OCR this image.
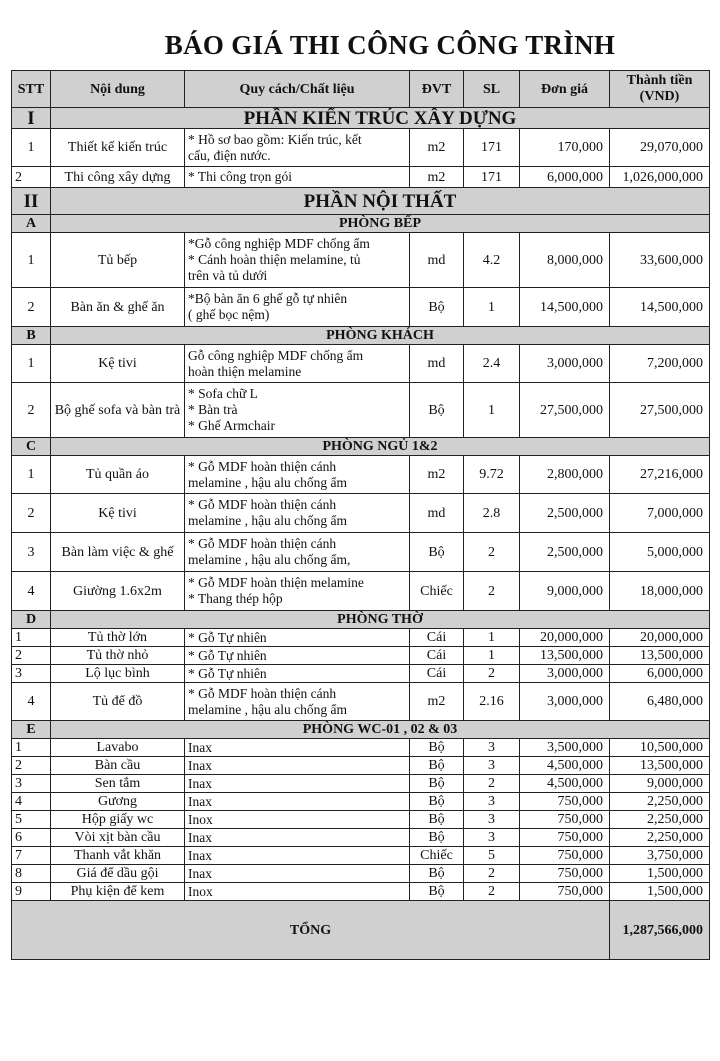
BÁO GIÁ THI CÔNG CÔNG TRÌNH
STT	Nội dung	Quy cách/Chất liệu	ĐVT	SL	Đơn giá	Thành tiền
(VND)
I	PHẦN KIẾN TRÚC XÂY DỰNG					
1	Thiết kế kiến trúc	* Hồ sơ bao gồm: Kiến trúc, kết
cấu, điện nước.	m2	171	170,000	29,070,000
2	Thi công xây dựng	* Thi công trọn gói	m2	171	6,000,000	1,026,000,000
II	PHẦN NỘI THẤT					
A	PHÒNG BẾP					
1	Tủ bếp	*Gỗ công nghiệp MDF chống ẩm
* Cánh hoàn thiện melamine, tủ
trên và tủ dưới	md	4.2	8,000,000	33,600,000
2	Bàn ăn & ghế ăn	*Bộ bàn ăn 6 ghế gỗ tự nhiên
( ghế bọc nệm)	Bộ	1	14,500,000	14,500,000
B	PHÒNG KHÁCH					
1	Kệ tivi	Gỗ công nghiệp MDF chống ẩm
hoàn thiện melamine	md	2.4	3,000,000	7,200,000
2	Bộ ghế sofa và bàn trà	* Sofa chữ L
* Bàn trà
* Ghế Armchair	Bộ	1	27,500,000	27,500,000
C	PHÒNG NGỦ 1&2					
1	Tủ quần áo	* Gỗ MDF hoàn thiện cánh
melamine , hậu alu chống ẩm	m2	9.72	2,800,000	27,216,000
2	Kệ tivi	* Gỗ MDF hoàn thiện cánh
melamine , hậu alu chống ẩm	md	2.8	2,500,000	7,000,000
3	Bàn làm việc & ghế	* Gỗ MDF hoàn thiện cánh
melamine , hậu alu chống ẩm,	Bộ	2	2,500,000	5,000,000
4	Giường 1.6x2m	* Gỗ MDF hoàn thiện melamine
* Thang thép hộp	Chiếc	2	9,000,000	18,000,000
D	PHÒNG THỜ					
1	Tủ thờ lớn	* Gỗ Tự nhiên	Cái	1	20,000,000	20,000,000
2	Tủ thờ nhỏ	* Gỗ Tự nhiên	Cái	1	13,500,000	13,500,000
3	Lộ lục bình	* Gỗ Tự nhiên	Cái	2	3,000,000	6,000,000
4	Tủ để đồ	* Gỗ MDF hoàn thiện cánh
melamine , hậu alu chống ẩm	m2	2.16	3,000,000	6,480,000
E	PHÒNG WC-01 , 02 & 03					
1	Lavabo	Inax	Bộ	3	3,500,000	10,500,000
2	Bàn cầu	Inax	Bộ	3	4,500,000	13,500,000
3	Sen tắm	Inax	Bộ	2	4,500,000	9,000,000
4	Gương	Inax	Bộ	3	750,000	2,250,000
5	Hộp giấy wc	Inox	Bộ	3	750,000	2,250,000
6	Vòi xịt bàn cầu	Inax	Bộ	3	750,000	2,250,000
7	Thanh vắt khăn	Inax	Chiếc	5	750,000	3,750,000
8	Giá để dầu gội	Inax	Bộ	2	750,000	1,500,000
9	Phụ kiện để kem	Inox	Bộ	2	750,000	1,500,000
TỔNG						1,287,566,000
